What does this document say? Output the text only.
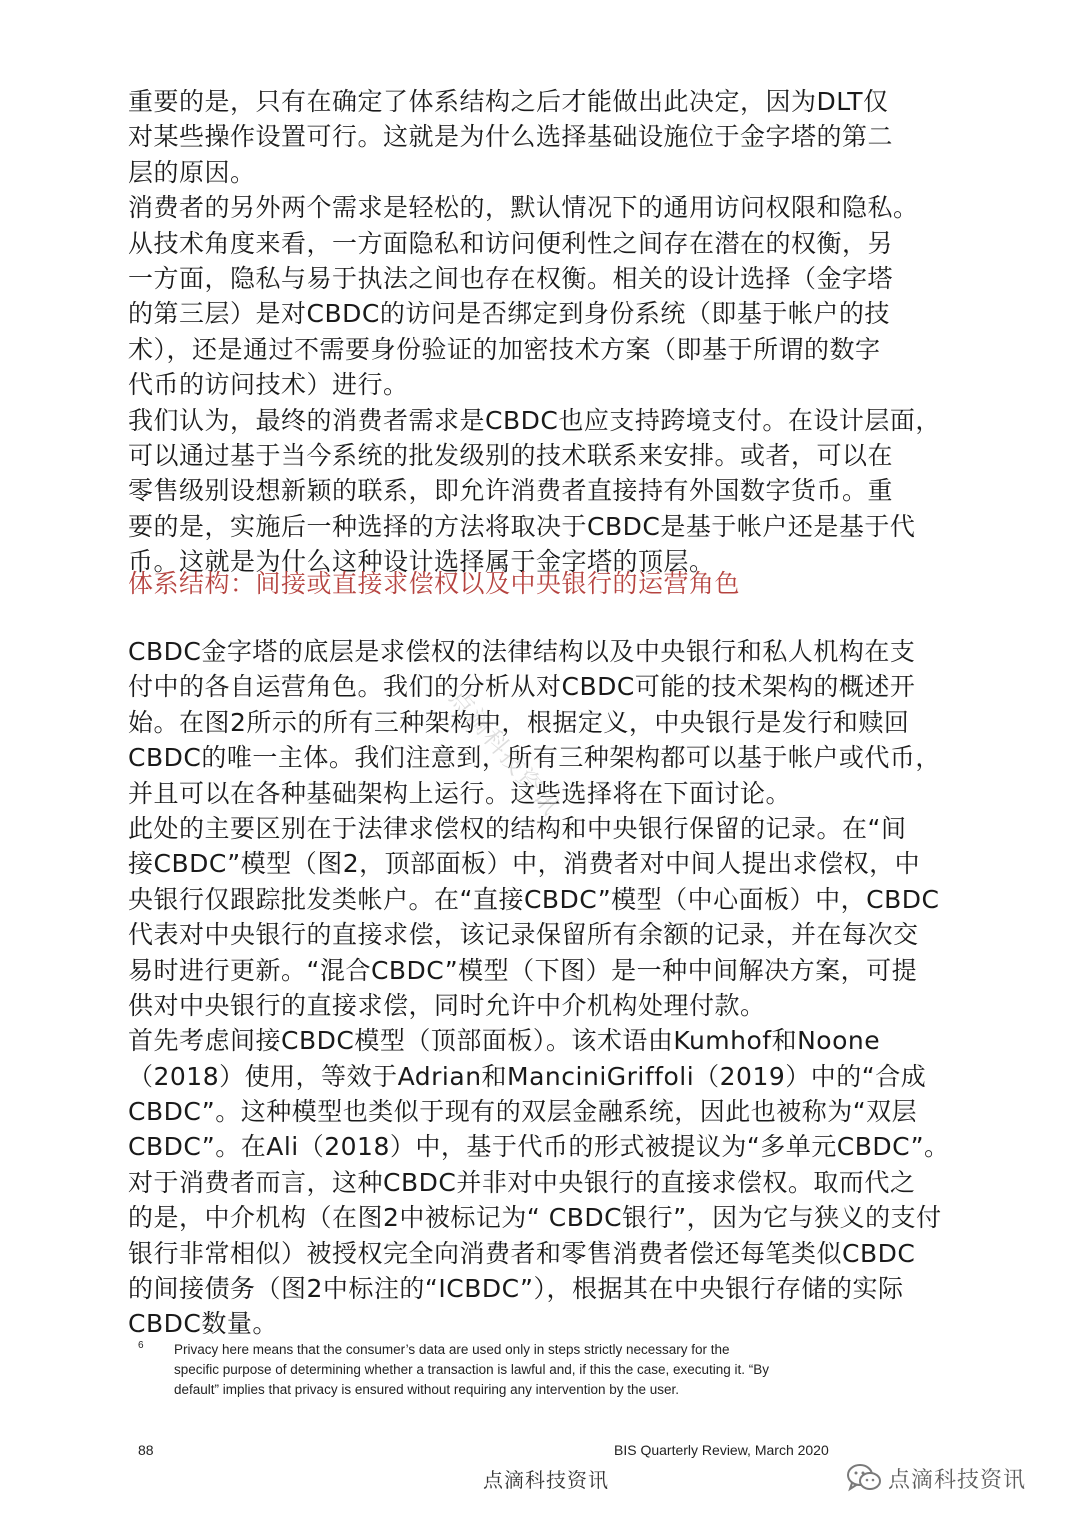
重要的是，只有在确定了体系结构之后才能做出此决定，因为DLT仅
对某些操作设置可行。这就是为什么选择基础设施位于金字塔的第二
层的原因。
消费者的另外两个需求是轻松的，默认情况下的通用访问权限和隐私。
从技术角度来看，一方面隐私和访问便利性之间存在潜在的权衡，另
一方面，隐私与易于执法之间也存在权衡。相关的设计选择（金字塔
的第三层）是对CBDC的访问是否绑定到身份系统（即基于帐户的技
术），还是通过不需要身份验证的加密技术方案（即基于所谓的数字
代币的访问技术）进行。
我们认为，最终的消费者需求是CBDC也应支持跨境支付。在设计层面，
可以通过基于当今系统的批发级别的技术联系来安排。或者，可以在
零售级别设想新颖的联系，即允许消费者直接持有外国数字货币。重
要的是，实施后一种选择的方法将取决于CBDC是基于帐户还是基于代
币。这就是为什么这种设计选择属于金字塔的顶层。
体系结构：间接或直接求偿权以及中央银行的运营角色
点滴科技资讯
CBDC金字塔的底层是求偿权的法律结构以及中央银行和私人机构在支
付中的各自运营角色。我们的分析从对CBDC可能的技术架构的概述开
始。在图2所示的所有三种架构中，根据定义，中央银行是发行和赎回
CBDC的唯一主体。我们注意到，所有三种架构都可以基于帐户或代币，
并且可以在各种基础架构上运行。这些选择将在下面讨论。
此处的主要区别在于法律求偿权的结构和中央银行保留的记录。在“间
接CBDC”模型（图2，顶部面板）中，消费者对中间人提出求偿权，中
央银行仅跟踪批发类帐户。在“直接CBDC”模型（中心面板）中，CBDC
代表对中央银行的直接求偿，该记录保留所有余额的记录，并在每次交
易时进行更新。“混合CBDC”模型（下图）是一种中间解决方案，可提
供对中央银行的直接求偿，同时允许中介机构处理付款。
首先考虑间接CBDC模型（顶部面板）。该术语由Kumhof和Noone
（2018）使用，等效于Adrian和ManciniGriffoli（2019）中的“合成
CBDC”。这种模型也类似于现有的双层金融系统，因此也被称为“双层
CBDC”。在Ali（2018）中，基于代币的形式被提议为“多单元CBDC”。
对于消费者而言，这种CBDC并非对中央银行的直接求偿权。取而代之
的是，中介机构（在图2中被标记为“ CBDC银行”，因为它与狭义的支付
银行非常相似）被授权完全向消费者和零售消费者偿还每笔类似CBDC
的间接债务（图2中标注的“ICBDC”），根据其在中央银行存储的实际
CBDC数量。
6 Privacy here means that the consumer’s data are used only in steps strictly necessary for the
specific purpose of determining whether a transaction is lawful and, if this the case, executing it. “By
default” implies that privacy is ensured without requiring any intervention by the user.
88	BIS Quarterly Review, March 2020
点滴科技资讯	点滴科技资讯
